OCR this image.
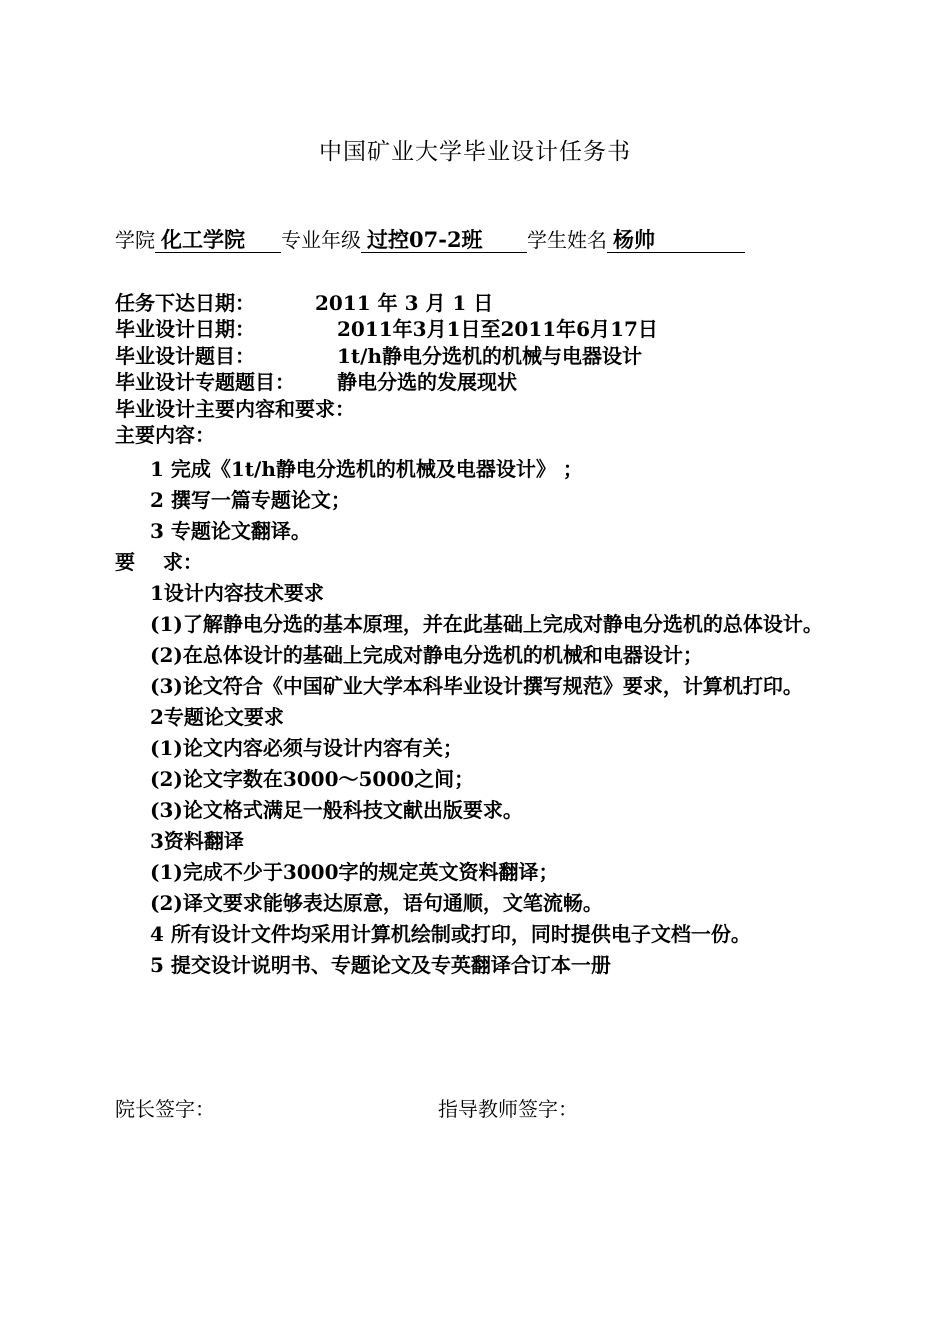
中国矿业大学毕业设计任务书
学院 化工学院 专业年级 过控07-2班 学生姓名 杨帅
任务下达日期：	2011 年 3 月 1 日
毕业设计日期：	2011年3月1日至2011年6月17日
毕业设计题目：	1t/h静电分选机的机械与电器设计
毕业设计专题题目： 静电分选的发展现状
毕业设计主要内容和要求：
主要内容：
1 完成《1t/h静电分选机的机械及电器设计》 ；
2 撰写一篇专题论文；
3 专题论文翻译。
要    求：
1设计内容技术要求
(1)了解静电分选的基本原理，并在此基础上完成对静电分选机的总体设计。
(2)在总体设计的基础上完成对静电分选机的机械和电器设计；
(3)论文符合《中国矿业大学本科毕业设计撰写规范》要求，计算机打印。
2专题论文要求
(1)论文内容必须与设计内容有关；
(2)论文字数在3000～5000之间；
(3)论文格式满足一般科技文献出版要求。
3资料翻译
(1)完成不少于3000字的规定英文资料翻译；
(2)译文要求能够表达原意，语句通顺，文笔流畅。
4 所有设计文件均采用计算机绘制或打印，同时提供电子文档一份。
5 提交设计说明书、专题论文及专英翻译合订本一册
院长签字：	指导教师签字：
